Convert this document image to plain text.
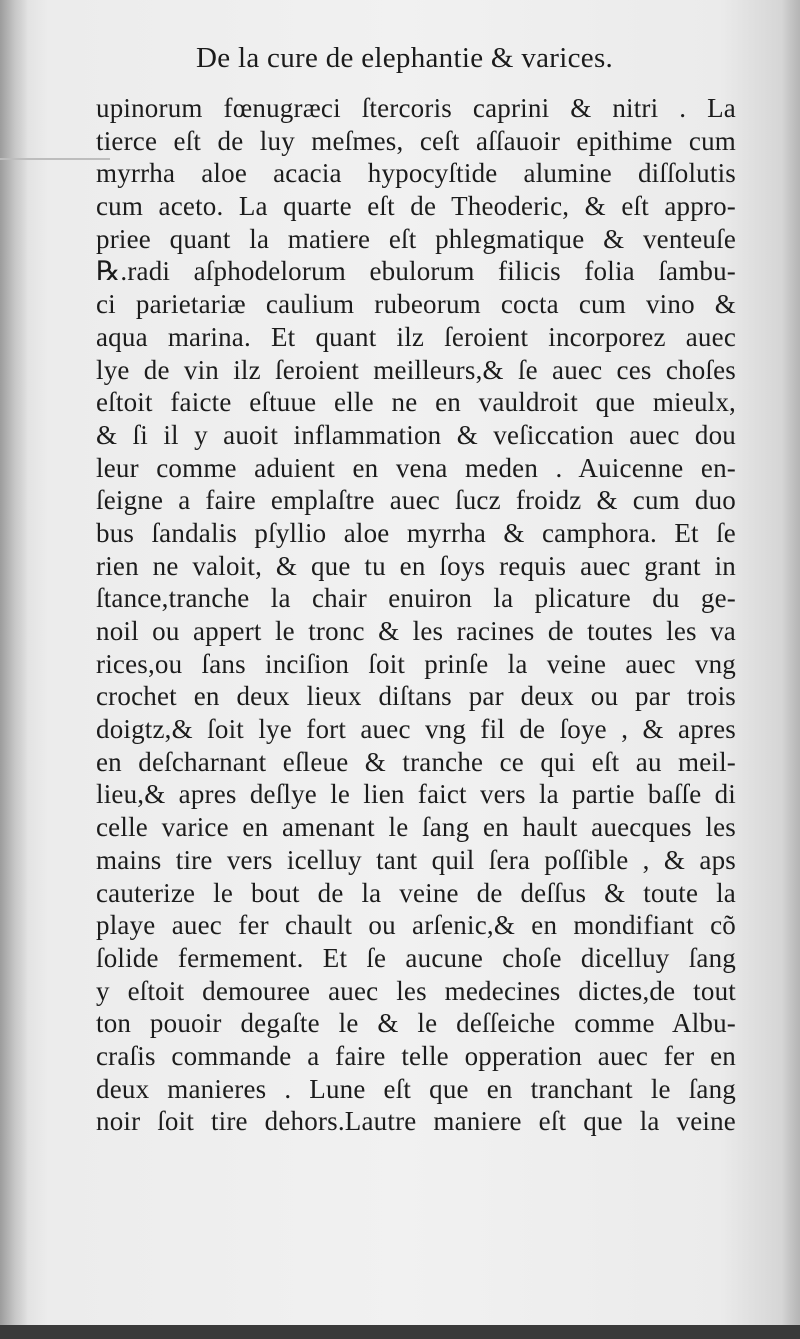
De la cure de elephantie & varices.
upinorum fœnugræci ſtercoris caprini & nitri . La
tierce eſt de luy meſmes, ceſt aſſauoir epithime cum
myrrha aloe acacia hypocyſtide alumine diſſolutis
cum aceto. La quarte eſt de Theoderic, & eſt appro-
priee quant la matiere eſt phlegmatique & venteuſe
℞.radi aſphodelorum ebulorum filicis folia ſambu-
ci parietariæ caulium rubeorum cocta cum vino &
aqua marina. Et quant ilz ſeroient incorporez auec
lye de vin ilz ſeroient meilleurs,& ſe auec ces choſes
eſtoit faicte eſtuue elle ne en vauldroit que mieulx,
& ſi il y auoit inflammation & veſiccation auec dou
leur comme aduient en vena meden . Auicenne en-
ſeigne a faire emplaſtre auec ſucz froidz & cum duo
bus ſandalis pſyllio aloe myrrha & camphora. Et ſe
rien ne valoit, & que tu en ſoys requis auec grant in
ſtance,tranche la chair enuiron la plicature du ge-
noil ou appert le tronc & les racines de toutes les va
rices,ou ſans inciſion ſoit prinſe la veine auec vng
crochet en deux lieux diſtans par deux ou par trois
doigtz,& ſoit lye fort auec vng fil de ſoye , & apres
en deſcharnant eſleue & tranche ce qui eſt au meil-
lieu,& apres deſlye le lien faict vers la partie baſſe di
celle varice en amenant le ſang en hault auecques les
mains tire vers icelluy tant quil ſera poſſible , & aps
cauterize le bout de la veine de deſſus & toute la
playe auec fer chault ou arſenic,& en mondifiant cõ
ſolide fermement. Et ſe aucune choſe dicelluy ſang
y eſtoit demouree auec les medecines dictes,de tout
ton pouoir degaſte le & le deſſeiche comme Albu-
craſis commande a faire telle opperation auec fer en
deux manieres . Lune eſt que en tranchant le ſang
noir ſoit tire dehors.Lautre maniere eſt que la veine
